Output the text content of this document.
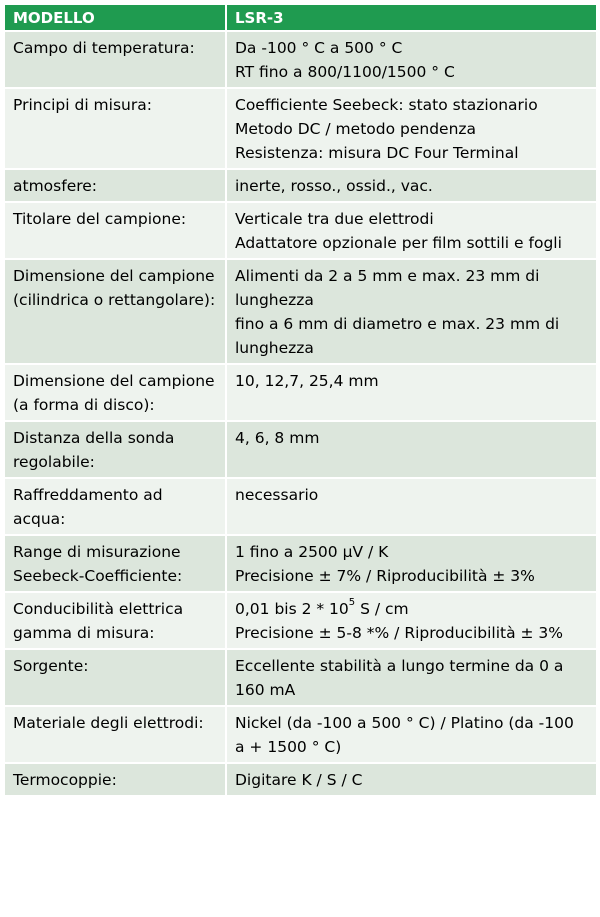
MODELLO	LSR-3

Campo di temperatura:	Da -100 ° C a 500 ° C
RT fino a 800/1100/1500 ° C

Principi di misura:	Coefficiente Seebeck: stato stazionario
Metodo DC / metodo pendenza
Resistenza: misura DC Four Terminal

atmosfere:	inerte, rosso., ossid., vac.

Titolare del campione:	Verticale tra due elettrodi
Adattatore opzionale per film sottili e fogli

Dimensione del campione (cilindrica o rettangolare):	Alimenti da 2 a 5 mm e max. 23 mm di lunghezza
fino a 6 mm di diametro e max. 23 mm di lunghezza

Dimensione del campione (a forma di disco):	10, 12,7, 25,4 mm

Distanza della sonda regolabile:	4, 6, 8 mm

Raffreddamento ad acqua:	necessario

Range di misurazione Seebeck-Coefficiente:	1 fino a 2500 µV / K
Precisione ± 7% / Riproducibilità ± 3%

Conducibilità elettrica gamma di misura:	0,01 bis $2 * 10^5$ S / cm
Precisione ± 5-8 *% / Riproducibilità ± 3%

Sorgente:	Eccellente stabilità a lungo termine da 0 a 160 mA

Materiale degli elettrodi:	Nickel (da -100 a 500 ° C) / Platino (da -100 a + 1500 ° C)

Termocoppie:	Digitare K / S / C
